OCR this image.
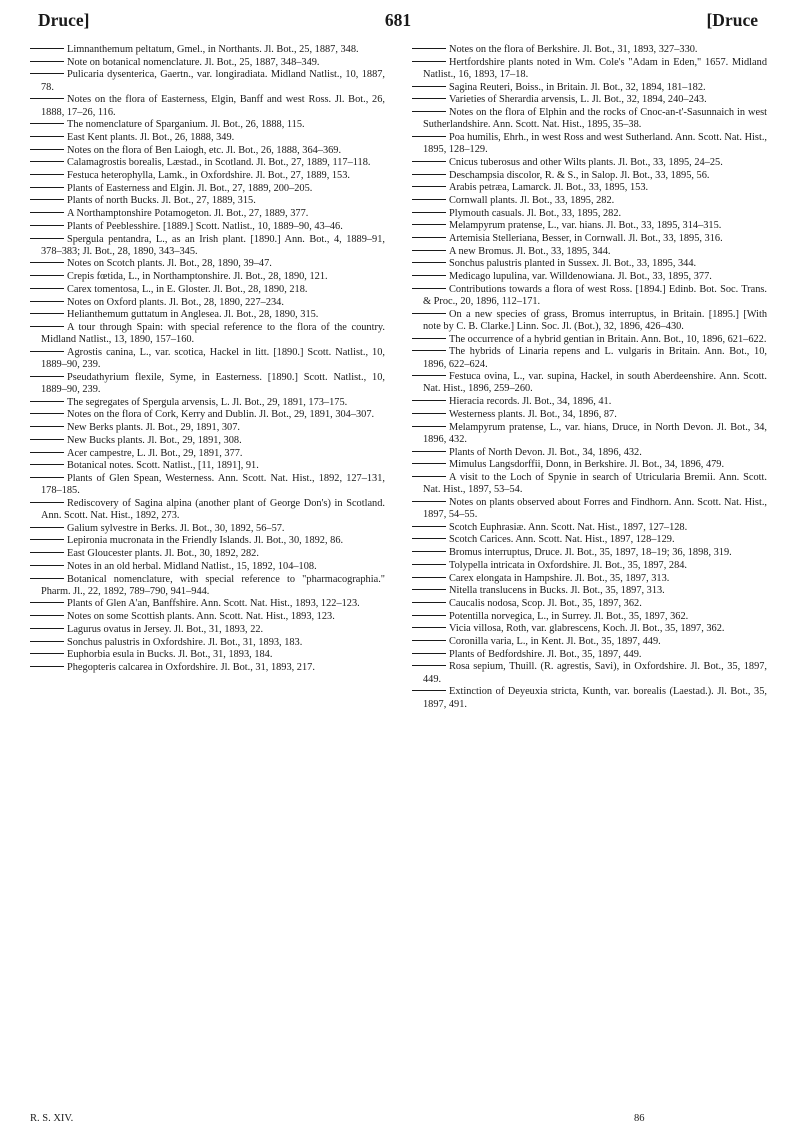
Druce]	681	[Druce
Limnanthemum peltatum, Gmel., in Northants. Jl. Bot., 25, 1887, 348.
Note on botanical nomenclature. Jl. Bot., 25, 1887, 348–349.
Pulicaria dysenterica, Gaertn., var. longiradiata. Midland Natlist., 10, 1887, 78.
Notes on the flora of Easterness, Elgin, Banff and west Ross. Jl. Bot., 26, 1888, 17–26, 116.
The nomenclature of Sparganium. Jl. Bot., 26, 1888, 115.
East Kent plants. Jl. Bot., 26, 1888, 349.
Notes on the flora of Ben Laiogh, etc. Jl. Bot., 26, 1888, 364–369.
Calamagrostis borealis, Læstad., in Scotland. Jl. Bot., 27, 1889, 117–118.
Festuca heterophylla, Lamk., in Oxfordshire. Jl. Bot., 27, 1889, 153.
Plants of Easterness and Elgin. Jl. Bot., 27, 1889, 200–205.
Plants of north Bucks. Jl. Bot., 27, 1889, 315.
A Northamptonshire Potamogeton. Jl. Bot., 27, 1889, 377.
Plants of Peeblesshire. [1889.] Scott. Natlist., 10, 1889–90, 43–46.
Spergula pentandra, L., as an Irish plant. [1890.] Ann. Bot., 4, 1889–91, 378–383; Jl. Bot., 28, 1890, 343–345.
Notes on Scotch plants. Jl. Bot., 28, 1890, 39–47.
Crepis fœtida, L., in Northamptonshire. Jl. Bot., 28, 1890, 121.
Carex tomentosa, L., in E. Gloster. Jl. Bot., 28, 1890, 218.
Notes on Oxford plants. Jl. Bot., 28, 1890, 227–234.
Helianthemum guttatum in Anglesea. Jl. Bot., 28, 1890, 315.
A tour through Spain: with special reference to the flora of the country. Midland Natlist., 13, 1890, 157–160.
Agrostis canina, L., var. scotica, Hackel in litt. [1890.] Scott. Natlist., 10, 1889–90, 239.
Pseudathyrium flexile, Syme, in Easterness. [1890.] Scott. Natlist., 10, 1889–90, 239.
The segregates of Spergula arvensis, L. Jl. Bot., 29, 1891, 173–175.
Notes on the flora of Cork, Kerry and Dublin. Jl. Bot., 29, 1891, 304–307.
New Berks plants. Jl. Bot., 29, 1891, 307.
New Bucks plants. Jl. Bot., 29, 1891, 308.
Acer campestre, L. Jl. Bot., 29, 1891, 377.
Botanical notes. Scott. Natlist., [11, 1891], 91.
Plants of Glen Spean, Westerness. Ann. Scott. Nat. Hist., 1892, 127–131, 178–185.
Rediscovery of Sagina alpina (another plant of George Don's) in Scotland. Ann. Scott. Nat. Hist., 1892, 273.
Galium sylvestre in Berks. Jl. Bot., 30, 1892, 56–57.
Lepironia mucronata in the Friendly Islands. Jl. Bot., 30, 1892, 86.
East Gloucester plants. Jl. Bot., 30, 1892, 282.
Notes in an old herbal. Midland Natlist., 15, 1892, 104–108.
Botanical nomenclature, with special reference to "pharmacographia." Pharm. Jl., 22, 1892, 789–790, 941–944.
Plants of Glen A'an, Banffshire. Ann. Scott. Nat. Hist., 1893, 122–123.
Notes on some Scottish plants. Ann. Scott. Nat. Hist., 1893, 123.
Lagurus ovatus in Jersey. Jl. Bot., 31, 1893, 22.
Sonchus palustris in Oxfordshire. Jl. Bot., 31, 1893, 183.
Euphorbia esula in Bucks. Jl. Bot., 31, 1893, 184.
Phegopteris calcarea in Oxfordshire. Jl. Bot., 31, 1893, 217.
Notes on the flora of Berkshire. Jl. Bot., 31, 1893, 327–330.
Hertfordshire plants noted in Wm. Cole's "Adam in Eden," 1657. Midland Natlist., 16, 1893, 17–18.
Sagina Reuteri, Boiss., in Britain. Jl. Bot., 32, 1894, 181–182.
Varieties of Sherardia arvensis, L. Jl. Bot., 32, 1894, 240–243.
Notes on the flora of Elphin and the rocks of Cnoc-an-t'-Sasunnaich in west Sutherlandshire. Ann. Scott. Nat. Hist., 1895, 35–38.
Poa humilis, Ehrh., in west Ross and west Sutherland. Ann. Scott. Nat. Hist., 1895, 128–129.
Cnicus tuberosus and other Wilts plants. Jl. Bot., 33, 1895, 24–25.
Deschampsia discolor, R. & S., in Salop. Jl. Bot., 33, 1895, 56.
Arabis petræa, Lamarck. Jl. Bot., 33, 1895, 153.
Cornwall plants. Jl. Bot., 33, 1895, 282.
Plymouth casuals. Jl. Bot., 33, 1895, 282.
Melampyrum pratense, L., var. hians. Jl. Bot., 33, 1895, 314–315.
Artemisia Stelleriana, Besser, in Cornwall. Jl. Bot., 33, 1895, 316.
A new Bromus. Jl. Bot., 33, 1895, 344.
Sonchus palustris planted in Sussex. Jl. Bot., 33, 1895, 344.
Medicago lupulina, var. Willdenowiana. Jl. Bot., 33, 1895, 377.
Contributions towards a flora of west Ross. [1894.] Edinb. Bot. Soc. Trans. & Proc., 20, 1896, 112–171.
On a new species of grass, Bromus interruptus, in Britain. [1895.] [With note by C. B. Clarke.] Linn. Soc. Jl. (Bot.), 32, 1896, 426–430.
The occurrence of a hybrid gentian in Britain. Ann. Bot., 10, 1896, 621–622.
The hybrids of Linaria repens and L. vulgaris in Britain. Ann. Bot., 10, 1896, 622–624.
Festuca ovina, L., var. supina, Hackel, in south Aberdeenshire. Ann. Scott. Nat. Hist., 1896, 259–260.
Hieracia records. Jl. Bot., 34, 1896, 41.
Westerness plants. Jl. Bot., 34, 1896, 87.
Melampyrum pratense, L., var. hians, Druce, in North Devon. Jl. Bot., 34, 1896, 432.
Plants of North Devon. Jl. Bot., 34, 1896, 432.
Mimulus Langsdorffii, Donn, in Berkshire. Jl. Bot., 34, 1896, 479.
A visit to the Loch of Spynie in search of Utricularia Bremii. Ann. Scott. Nat. Hist., 1897, 53–54.
Notes on plants observed about Forres and Findhorn. Ann. Scott. Nat. Hist., 1897, 54–55.
Scotch Euphrasiæ. Ann. Scott. Nat. Hist., 1897, 127–128.
Scotch Carices. Ann. Scott. Nat. Hist., 1897, 128–129.
Bromus interruptus, Druce. Jl. Bot., 35, 1897, 18–19; 36, 1898, 319.
Tolypella intricata in Oxfordshire. Jl. Bot., 35, 1897, 284.
Carex elongata in Hampshire. Jl. Bot., 35, 1897, 313.
Nitella translucens in Bucks. Jl. Bot., 35, 1897, 313.
Caucalis nodosa, Scop. Jl. Bot., 35, 1897, 362.
Potentilla norvegica, L., in Surrey. Jl. Bot., 35, 1897, 362.
Vicia villosa, Roth, var. glabrescens, Koch. Jl. Bot., 35, 1897, 362.
Coronilla varia, L., in Kent. Jl. Bot., 35, 1897, 449.
Plants of Bedfordshire. Jl. Bot., 35, 1897, 449.
Rosa sepium, Thuill. (R. agrestis, Savi), in Oxfordshire. Jl. Bot., 35, 1897, 449.
Extinction of Deyeuxia stricta, Kunth, var. borealis (Laestad.). Jl. Bot., 35, 1897, 491.
R. S. XIV.	86
